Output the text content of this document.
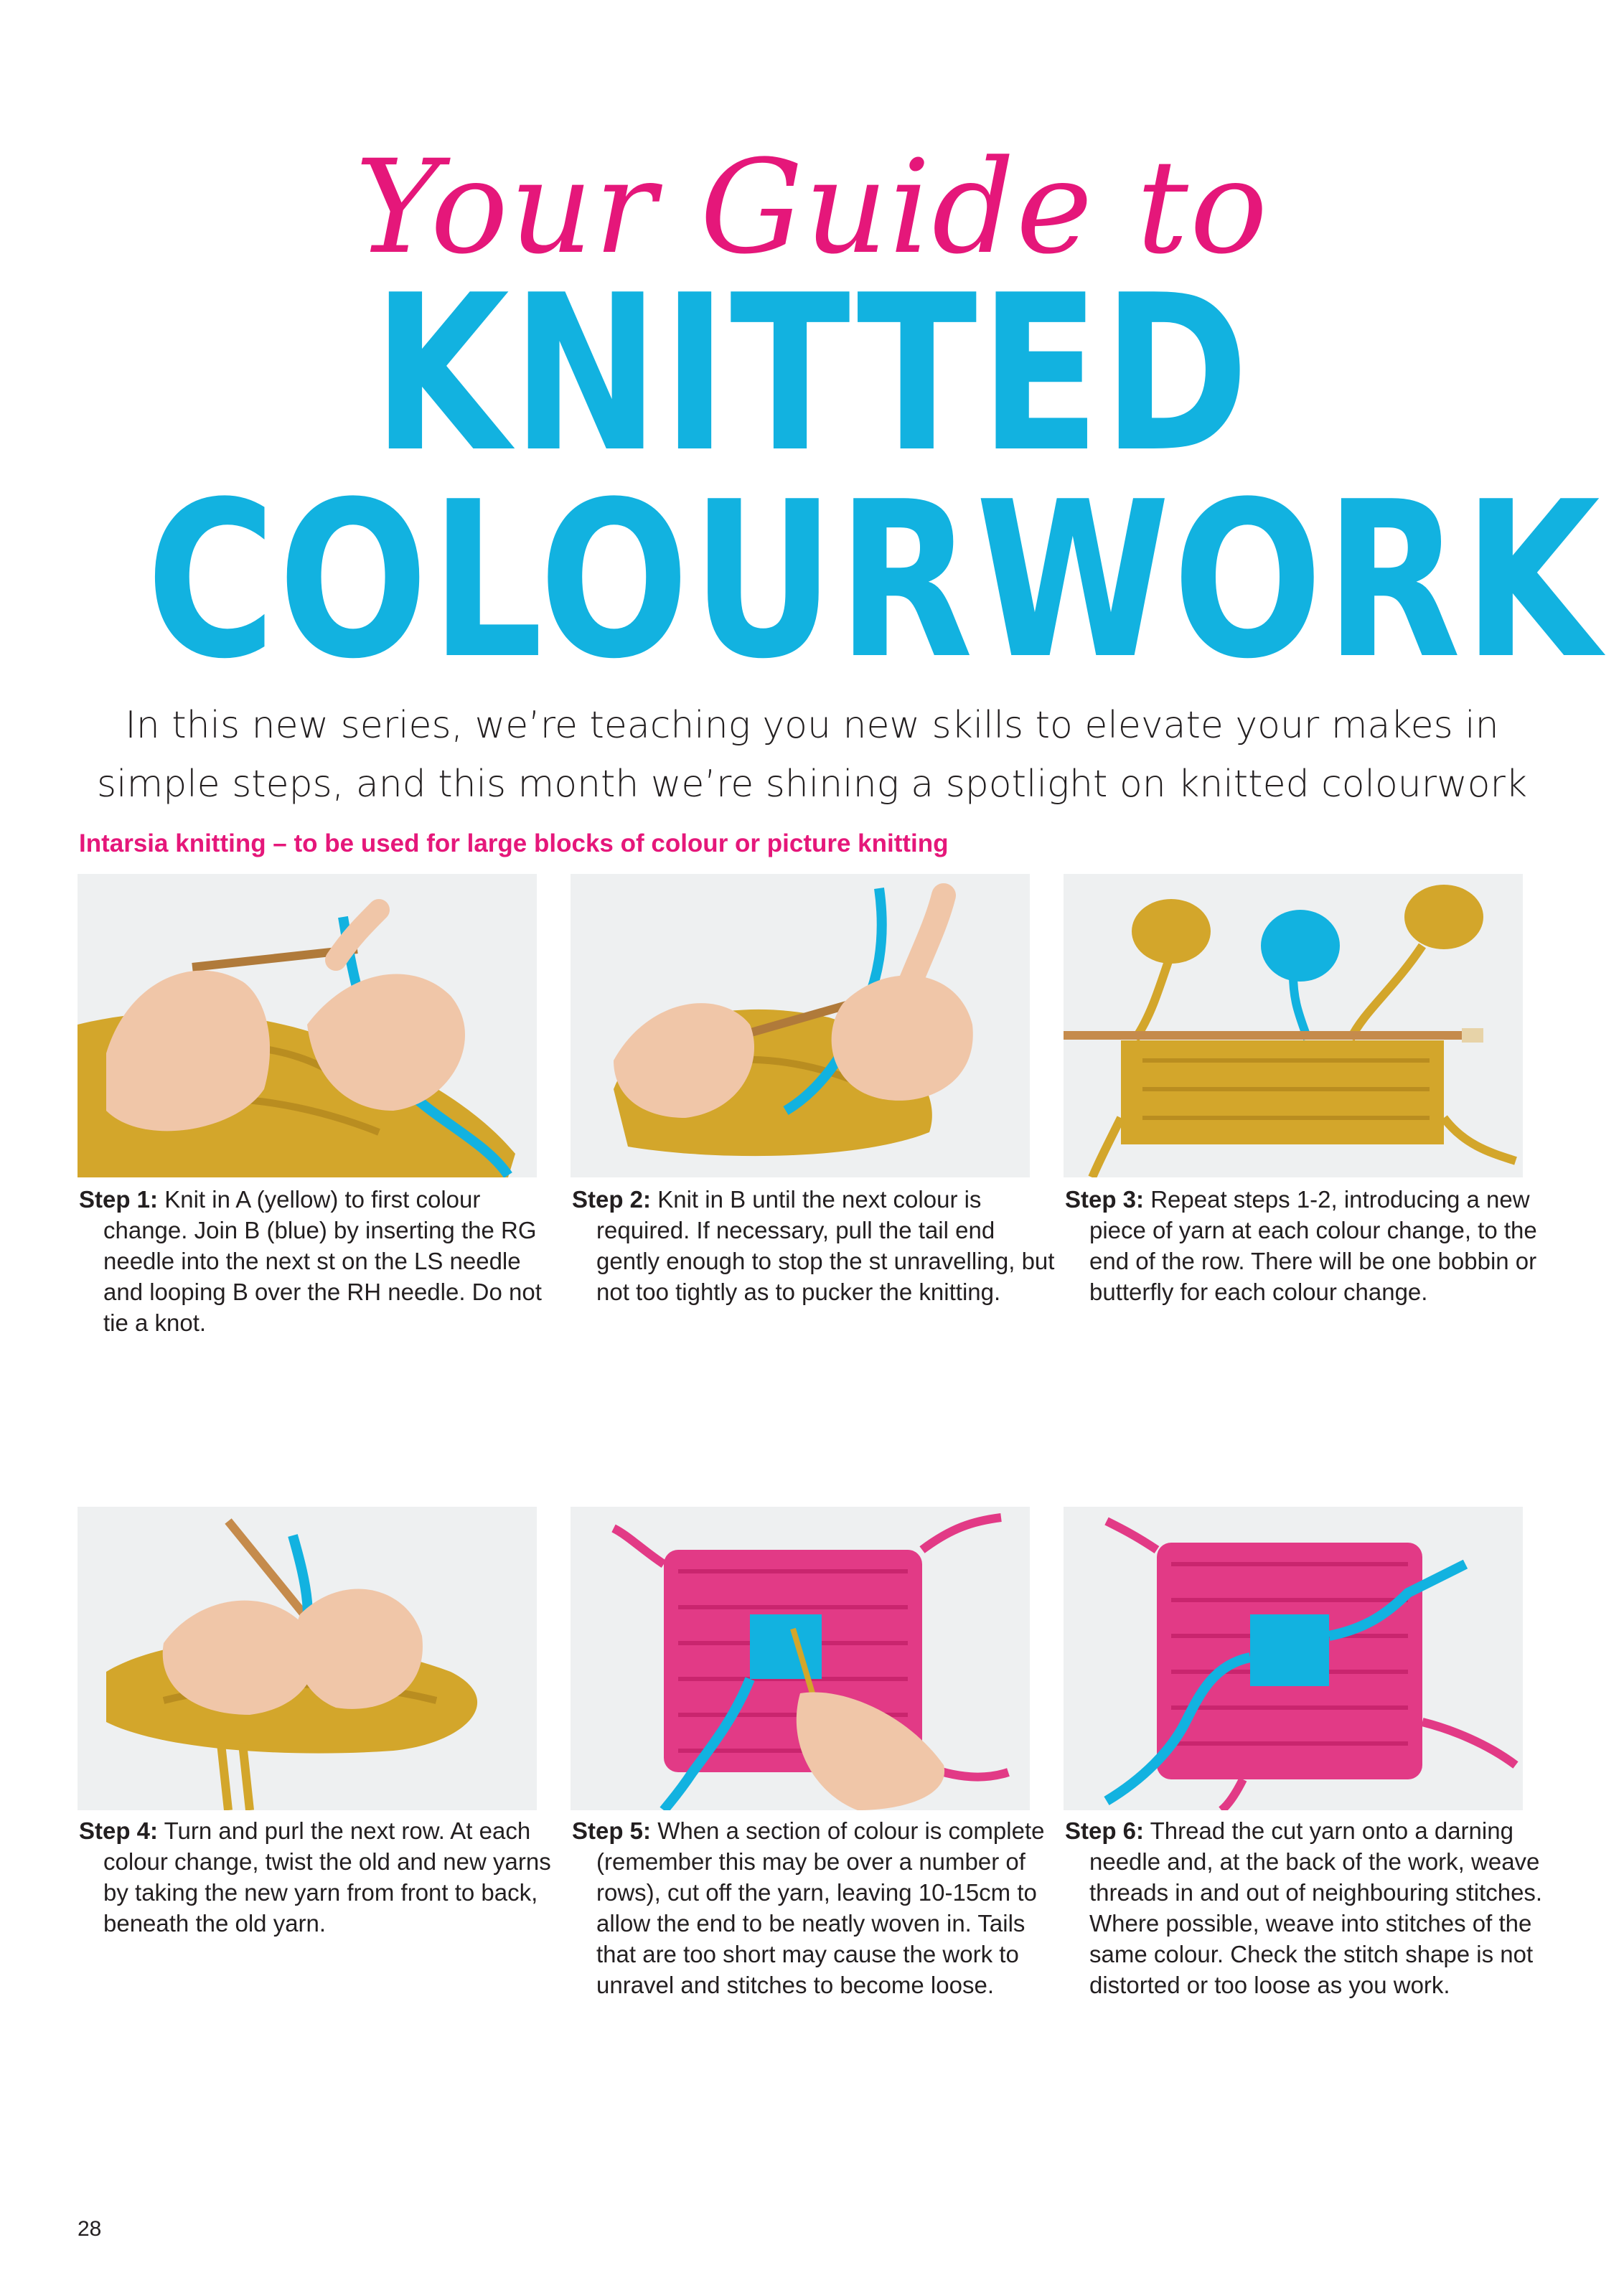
Your Guide to
KNITTED
COLOURWORK
In this new series, we’re teaching you new skills to elevate your makes in simple steps, and this month we’re shining a spotlight on knitted colourwork
Intarsia knitting – to be used for large blocks of colour or picture knitting
Step 1: Knit in A (yellow) to first colour change. Join B (blue) by inserting the RG needle into the next st on the LS needle and looping B over the RH needle. Do not tie a knot.
Step 2: Knit in B until the next colour is required. If necessary, pull the tail end gently enough to stop the st unravelling, but not too tightly as to pucker the knitting.
Step 3: Repeat steps 1-2, introducing a new piece of yarn at each colour change, to the end of the row. There will be one bobbin or butterfly for each colour change.
Step 4: Turn and purl the next row. At each colour change, twist the old and new yarns by taking the new yarn from front to back, beneath the old yarn.
Step 5: When a section of colour is complete (remember this may be over a number of rows), cut off the yarn, leaving 10-15cm to allow the end to be neatly woven in. Tails that are too short may cause the work to unravel and stitches to become loose.
Step 6: Thread the cut yarn onto a darning needle and, at the back of the work, weave threads in and out of neighbouring stitches. Where possible, weave into stitches of the same colour. Check the stitch shape is not distorted or too loose as you work.
28
